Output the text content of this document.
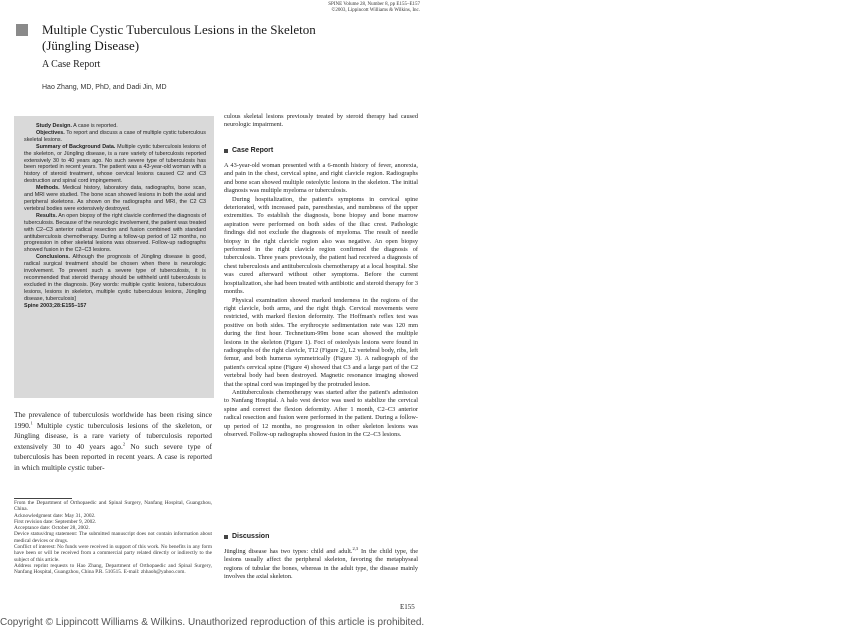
SPINE Volume 28, Number 8, pp E155–E157
©2003, Lippincott Williams & Wilkins, Inc.
Multiple Cystic Tuberculous Lesions in the Skeleton
(Jüngling Disease)
A Case Report
Hao Zhang, MD, PhD, and Dadi Jin, MD

Study Design. A case is reported.

Objectives. To report and discuss a case of multiple cystic tuberculous skeletal lesions.

Summary of Background Data. Multiple cystic tuberculosis lesions of the skeleton, or Jüngling disease, is a rare variety of tuberculosis reported extensively 30 to 40 years ago. No such severe type of tuberculosis has been reported in recent years. The patient was a 43-year-old woman with a history of steroid treatment, whose cervical lesions caused C2 and C3 destruction and spinal cord impingement.

Methods. Medical history, laboratory data, radiographs, bone scan, and MRI were studied. The bone scan showed lesions in both the axial and peripheral skeletons. As shown on the radiographs and MRI, the C2 C3 vertebral bodies were extensively destroyed.

Results. An open biopsy of the right clavicle confirmed the diagnosis of tuberculosis. Because of the neurologic involvement, the patient was treated with C2–C3 anterior radical resection and fusion combined with standard antituberculosis chemotherapy. During a follow-up period of 12 months, no progression in other skeletal lesions was observed. Follow-up radiographs showed fusion in the C2–C3 lesions.

Conclusions. Although the prognosis of Jüngling disease is good, radical surgical treatment should be chosen when there is neurologic involvement. To prevent such a severe type of tuberculosis, it is recommended that steroid therapy should be withheld until tuberculosis is excluded in the diagnosis. [Key words: multiple cystic lesions, tuberculous lesions, lesions in skeleton, multiple cystic tuberculous lesions, Jüngling disease, tuberculosis]

Spine 2003;28:E155–157

The prevalence of tuberculosis worldwide has been rising since 1990.$^1$ Multiple cystic tuberculosis lesions of the skeleton, or Jüngling disease, is a rare variety of tuberculosis reported extensively 30 to 40 years ago.$^2$ No such severe type of tuberculosis has been reported in recent years. A case is reported in which multiple cystic tuber-

From the Department of Orthopaedic and Spinal Surgery, Nanfang Hospital, Guangzhou, China.

Acknowledgment date: May 31, 2002.

First revision date: September 9, 2002.

Acceptance date: October 28, 2002.

Device status/drug statement: The submitted manuscript does not contain information about medical devices or drugs.

Conflict of interest: No funds were received in support of this work. No benefits in any form have been or will be received from a commercial party related directly or indirectly to the subject of this article.

Address reprint requests to Hao Zhang, Department of Orthopaedic and Spinal Surgery, Nanfang Hospital, Guangzhou, China P.R. 510515. E-mail: zhhaoh@yahoo.com.

culous skeletal lesions previously treated by steroid therapy had caused neurologic impairment.

Case Report

A 43-year-old woman presented with a 6-month history of fever, anorexia, and pain in the chest, cervical spine, and right clavicle region. Radiographs and bone scan showed multiple osteolytic lesions in the skeleton. The initial diagnosis was multiple myeloma or tuberculosis.

During hospitalization, the patient's symptoms in cervical spine deteriorated, with increased pain, paresthesias, and numbness of the upper extremities. To establish the diagnosis, bone biopsy and bone marrow aspiration were performed on both sides of the iliac crest. Pathologic findings did not exclude the diagnosis of myeloma. The result of needle biopsy in the right clavicle region also was negative. An open biopsy performed in the right clavicle region confirmed the diagnosis of tuberculosis. Three years previously, the patient had received a diagnosis of chest tuberculosis and antituberculosis chemotherapy at a local hospital. She was cured afterward without other symptoms. Before the current hospitalization, she had been treated with antibiotic and steroid therapy for 3 months.

Physical examination showed marked tenderness in the regions of the right clavicle, both arms, and the right thigh. Cervical movements were restricted, with marked flexion deformity. The Hoffman's reflex test was positive on both sides. The erythrocyte sedimentation rate was 120 mm during the first hour. Technetium-99m bone scan showed the multiple lesions in the skeleton (Figure 1). Foci of osteolysis lesions were found in radiographs of the right clavicle, T12 (Figure 2), L2 vertebral body, ribs, left femur, and both humerus symmetrically (Figure 3). A radiograph of the patient's cervical spine (Figure 4) showed that C3 and a large part of the C2 vertebral body had been destroyed. Magnetic resonance imaging showed that the spinal cord was impinged by the protruded lesion.

Antituberculosis chemotherapy was started after the patient's admission to Nanfang Hospital. A halo vest device was used to stabilize the cervical spine and correct the flexion deformity. After 1 month, C2–C3 anterior radical resection and fusion were performed in the patient. During a follow-up period of 12 months, no progression in other skeleton lesions was observed. Follow-up radiographs showed fusion in the C2–C3 lesions.

Discussion

Jüngling disease has two types: child and adult.$^{2,3}$ In the child type, the lesions usually affect the peripheral skeleton, favoring the metaphyseal regions of tubular the bones, whereas in the adult type, the disease mainly involves the axial skeleton.

E155
Copyright © Lippincott Williams & Wilkins. Unauthorized reproduction of this article is prohibited.
